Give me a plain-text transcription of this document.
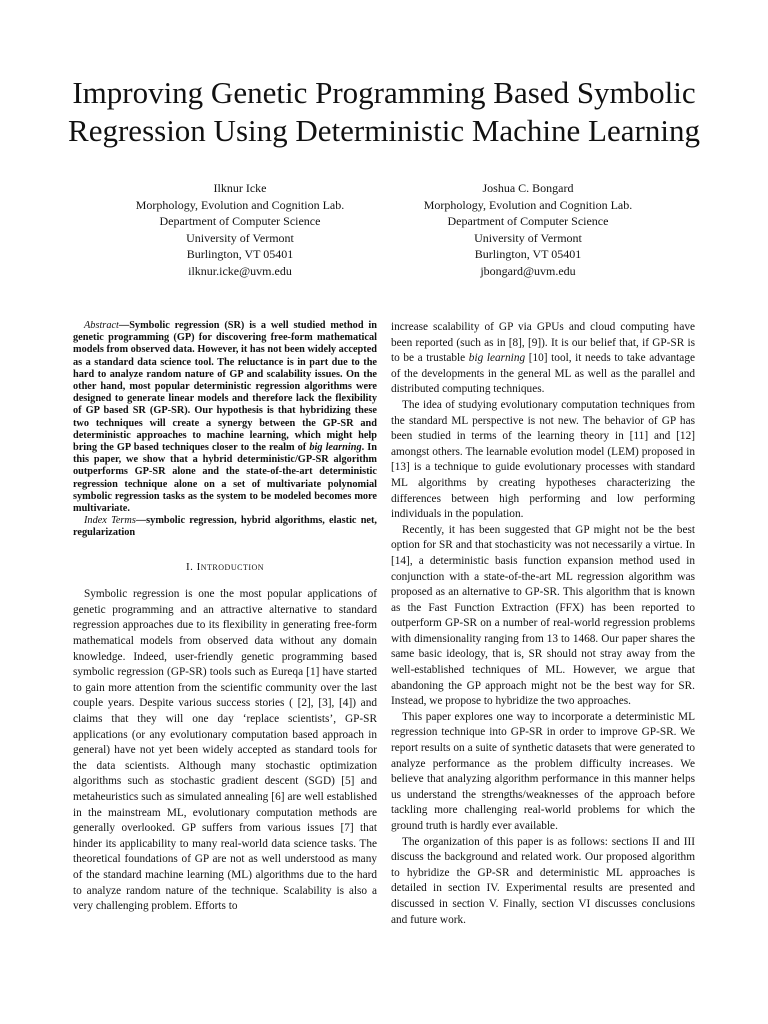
Improving Genetic Programming Based Symbolic
Regression Using Deterministic Machine Learning
Ilknur Icke
Morphology, Evolution and Cognition Lab.
Department of Computer Science
University of Vermont
Burlington, VT 05401
ilknur.icke@uvm.edu
Joshua C. Bongard
Morphology, Evolution and Cognition Lab.
Department of Computer Science
University of Vermont
Burlington, VT 05401
jbongard@uvm.edu

Abstract—Symbolic regression (SR) is a well studied method in genetic programming (GP) for discovering free-form mathematical models from observed data. However, it has not been widely accepted as a standard data science tool. The reluctance is in part due to the hard to analyze random nature of GP and scalability issues. On the other hand, most popular deterministic regression algorithms were designed to generate linear models and therefore lack the flexibility of GP based SR (GP-SR). Our hypothesis is that hybridizing these two techniques will create a synergy between the GP-SR and deterministic approaches to machine learning, which might help bring the GP based techniques closer to the realm of big learning. In this paper, we show that a hybrid deterministic/GP-SR algorithm outperforms GP-SR alone and the state-of-the-art deterministic regression technique alone on a set of multivariate polynomial symbolic regression tasks as the system to be modeled becomes more multivariate.

Index Terms—symbolic regression, hybrid algorithms, elastic net, regularization

I. Introduction

Symbolic regression is one the most popular applications of genetic programming and an attractive alternative to standard regression approaches due to its flexibility in generating free-form mathematical models from observed data without any domain knowledge. Indeed, user-friendly genetic programming based symbolic regression (GP-SR) tools such as Eureqa [1] have started to gain more attention from the scientific community over the last couple years. Despite various success stories ( [2], [3], [4]) and claims that they will one day ‘replace scientists’, GP-SR applications (or any evolutionary computation based approach in general) have not yet been widely accepted as standard tools for the data scientists. Although many stochastic optimization algorithms such as stochastic gradient descent (SGD) [5] and metaheuristics such as simulated annealing [6] are well established in the mainstream ML, evolutionary computation methods are generally overlooked. GP suffers from various issues [7] that hinder its applicability to many real-world data science tasks. The theoretical foundations of GP are not as well understood as many of the standard machine learning (ML) algorithms due to the hard to analyze random nature of the technique. Scalability is also a very challenging problem. Efforts to

increase scalability of GP via GPUs and cloud computing have been reported (such as in [8], [9]). It is our belief that, if GP-SR is to be a trustable big learning [10] tool, it needs to take advantage of the developments in the general ML as well as the parallel and distributed computing techniques.

The idea of studying evolutionary computation techniques from the standard ML perspective is not new. The behavior of GP has been studied in terms of the learning theory in [11] and [12] amongst others. The learnable evolution model (LEM) proposed in [13] is a technique to guide evolutionary processes with standard ML algorithms by creating hypotheses characterizing the differences between high performing and low performing individuals in the population.

Recently, it has been suggested that GP might not be the best option for SR and that stochasticity was not necessarily a virtue. In [14], a deterministic basis function expansion method used in conjunction with a state-of-the-art ML regression algorithm was proposed as an alternative to GP-SR. This algorithm that is known as the Fast Function Extraction (FFX) has been reported to outperform GP-SR on a number of real-world regression problems with dimensionality ranging from 13 to 1468. Our paper shares the same basic ideology, that is, SR should not stray away from the well-established techniques of ML. However, we argue that abandoning the GP approach might not be the best way for SR. Instead, we propose to hybridize the two approaches.

This paper explores one way to incorporate a deterministic ML regression technique into GP-SR in order to improve GP-SR. We report results on a suite of synthetic datasets that were generated to analyze performance as the problem difficulty increases. We believe that analyzing algorithm performance in this manner helps us understand the strengths/weaknesses of the approach before tackling more challenging real-world problems for which the ground truth is hardly ever available.

The organization of this paper is as follows: sections II and III discuss the background and related work. Our proposed algorithm to hybridize the GP-SR and deterministic ML approaches is detailed in section IV. Experimental results are presented and discussed in section V. Finally, section VI discusses conclusions and future work.
